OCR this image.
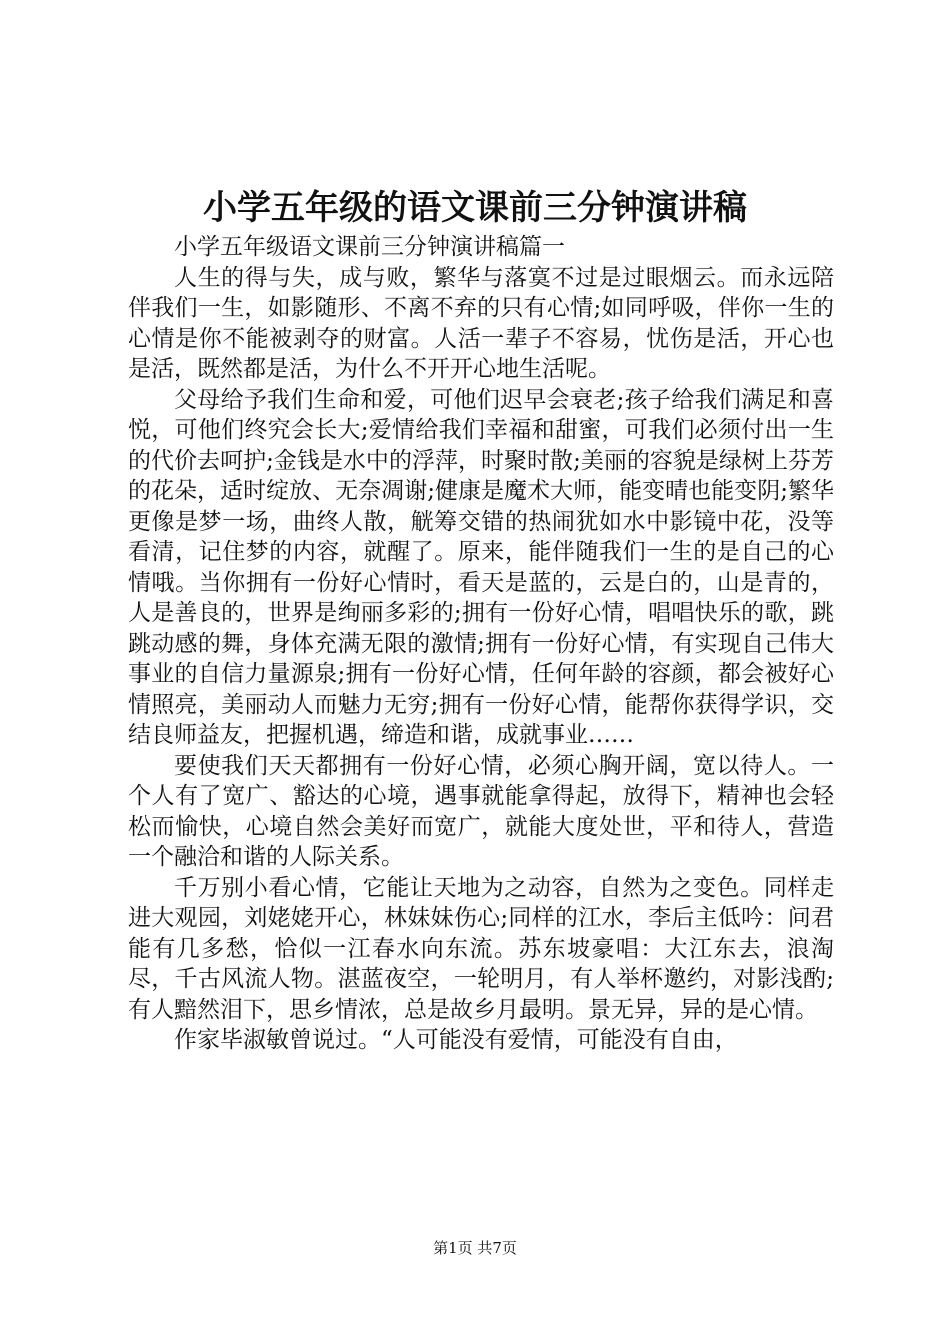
小学五年级的语文课前三分钟演讲稿

小学五年级语文课前三分钟演讲稿篇一

人生的得与失，成与败，繁华与落寞不过是过眼烟云。而永远陪伴我们一生，如影随形、不离不弃的只有心情;如同呼吸，伴你一生的心情是你不能被剥夺的财富。人活一辈子不容易，忧伤是活，开心也是活，既然都是活，为什么不开开心地生活呢。

父母给予我们生命和爱，可他们迟早会衰老;孩子给我们满足和喜悦，可他们终究会长大;爱情给我们幸福和甜蜜，可我们必须付出一生的代价去呵护;金钱是水中的浮萍，时聚时散;美丽的容貌是绿树上芬芳的花朵，适时绽放、无奈凋谢;健康是魔术大师，能变晴也能变阴;繁华更像是梦一场，曲终人散，觥筹交错的热闹犹如水中影镜中花，没等看清，记住梦的内容，就醒了。原来，能伴随我们一生的是自己的心情哦。当你拥有一份好心情时，看天是蓝的，云是白的，山是青的，人是善良的，世界是绚丽多彩的;拥有一份好心情，唱唱快乐的歌，跳跳动感的舞，身体充满无限的激情;拥有一份好心情，有实现自己伟大事业的自信力量源泉;拥有一份好心情，任何年龄的容颜，都会被好心情照亮，美丽动人而魅力无穷;拥有一份好心情，能帮你获得学识，交结良师益友，把握机遇，缔造和谐，成就事业……

要使我们天天都拥有一份好心情，必须心胸开阔，宽以待人。一个人有了宽广、豁达的心境，遇事就能拿得起，放得下，精神也会轻松而愉快，心境自然会美好而宽广，就能大度处世，平和待人，营造一个融洽和谐的人际关系。

千万别小看心情，它能让天地为之动容，自然为之变色。同样走进大观园，刘姥姥开心，林妹妹伤心;同样的江水，李后主低吟：问君能有几多愁，恰似一江春水向东流。苏东坡豪唱：大江东去，浪淘尽，千古风流人物。湛蓝夜空，一轮明月，有人举杯邀约，对影浅酌;有人黯然泪下，思乡情浓，总是故乡月最明。景无异，异的是心情。

作家毕淑敏曾说过。“人可能没有爱情，可能没有自由，

第1页 共7页
